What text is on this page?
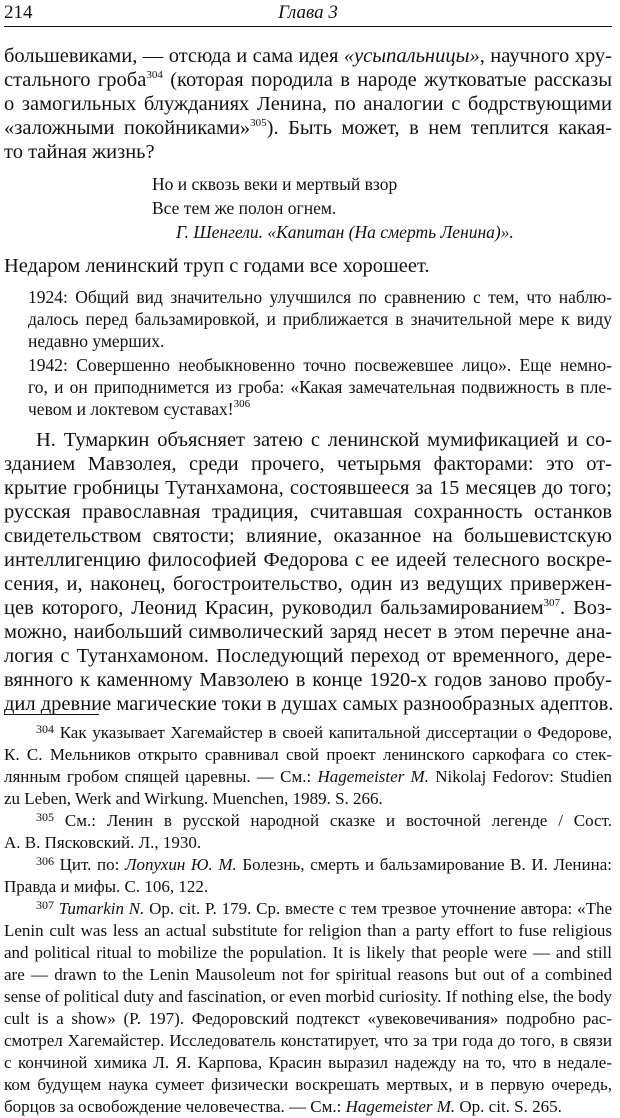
214	Глава 3
большевиками, — отсюда и сама идея «усыпальницы», научного хру-
стального гроба$^{304}$ (которая породила в народе жутковатые рассказы
о замогильных блужданиях Ленина, по аналогии с бодрствующими
«заложными покойниками»$^{305}$). Быть может, в нем теплится какая-
то тайная жизнь?
Но и сквозь веки и мертвый взор
Все тем же полон огнем.
Г. Шенгели. «Капитан (На смерть Ленина)».
Недаром ленинский труп с годами все хорошеет.
1924: Общий вид значительно улучшился по сравнению с тем, что наблю-
далось перед бальзамировкой, и приближается в значительной мере к виду
недавно умерших.
1942: Совершенно необыкновенно точно посвежевшее лицо». Еще немно-
го, и он приподнимется из гроба: «Какая замечательная подвижность в пле-
чевом и локтевом суставах!$^{306}$
Н. Тумаркин объясняет затею с ленинской мумификацией и со-
зданием Мавзолея, среди прочего, четырьмя факторами: это от-
крытие гробницы Тутанхамона, состоявшееся за 15 месяцев до того;
русская православная традиция, считавшая сохранность останков
свидетельством святости; влияние, оказанное на большевистскую
интеллигенцию философией Федорова с ее идеей телесного воскре-
сения, и, наконец, богостроительство, один из ведущих привержен-
цев которого, Леонид Красин, руководил бальзамированием$^{307}$. Воз-
можно, наибольший символический заряд несет в этом перечне ана-
логия с Тутанхамоном. Последующий переход от временного, дере-
вянного к каменному Мавзолею в конце 1920-х годов заново пробу-
дил древние магические токи в душах самых разнообразных адептов.
$^{304}$ Как указывает Хагемайстер в своей капитальной диссертации о Федорове,
К. С. Мельников открыто сравнивал свой проект ленинского саркофага со стек-
лянным гробом спящей царевны. — См.: Hagemeister M. Nikolaj Fedorov: Studien
zu Leben, Werk and Wirkung. Muenchen, 1989. S. 266.
$^{305}$ См.: Ленин в русской народной сказке и восточной легенде / Сост.
А. В. Пясковский. Л., 1930.
$^{306}$ Цит. по: Лопухин Ю. М. Болезнь, смерть и бальзамирование В. И. Ленина:
Правда и мифы. С. 106, 122.
$^{307}$ Tumarkin N. Op. cit. P. 179. Ср. вместе с тем трезвое уточнение автора: «The
Lenin cult was less an actual substitute for religion than a party effort to fuse religious
and political ritual to mobilize the population. It is likely that people were — and still
are — drawn to the Lenin Mausoleum not for spiritual reasons but out of a combined
sense of political duty and fascination, or even morbid curiosity. If nothing else, the body
cult is a show» (P. 197). Федоровский подтекст «увековечивания» подробно рас-
смотрел Хагемайстер. Исследователь констатирует, что за три года до того, в связи
с кончиной химика Л. Я. Карпова, Красин выразил надежду на то, что в недале-
ком будущем наука сумеет физически воскрешать мертвых, и в первую очередь,
борцов за освобождение человечества. — См.: Hagemeister M. Op. cit. S. 265.
